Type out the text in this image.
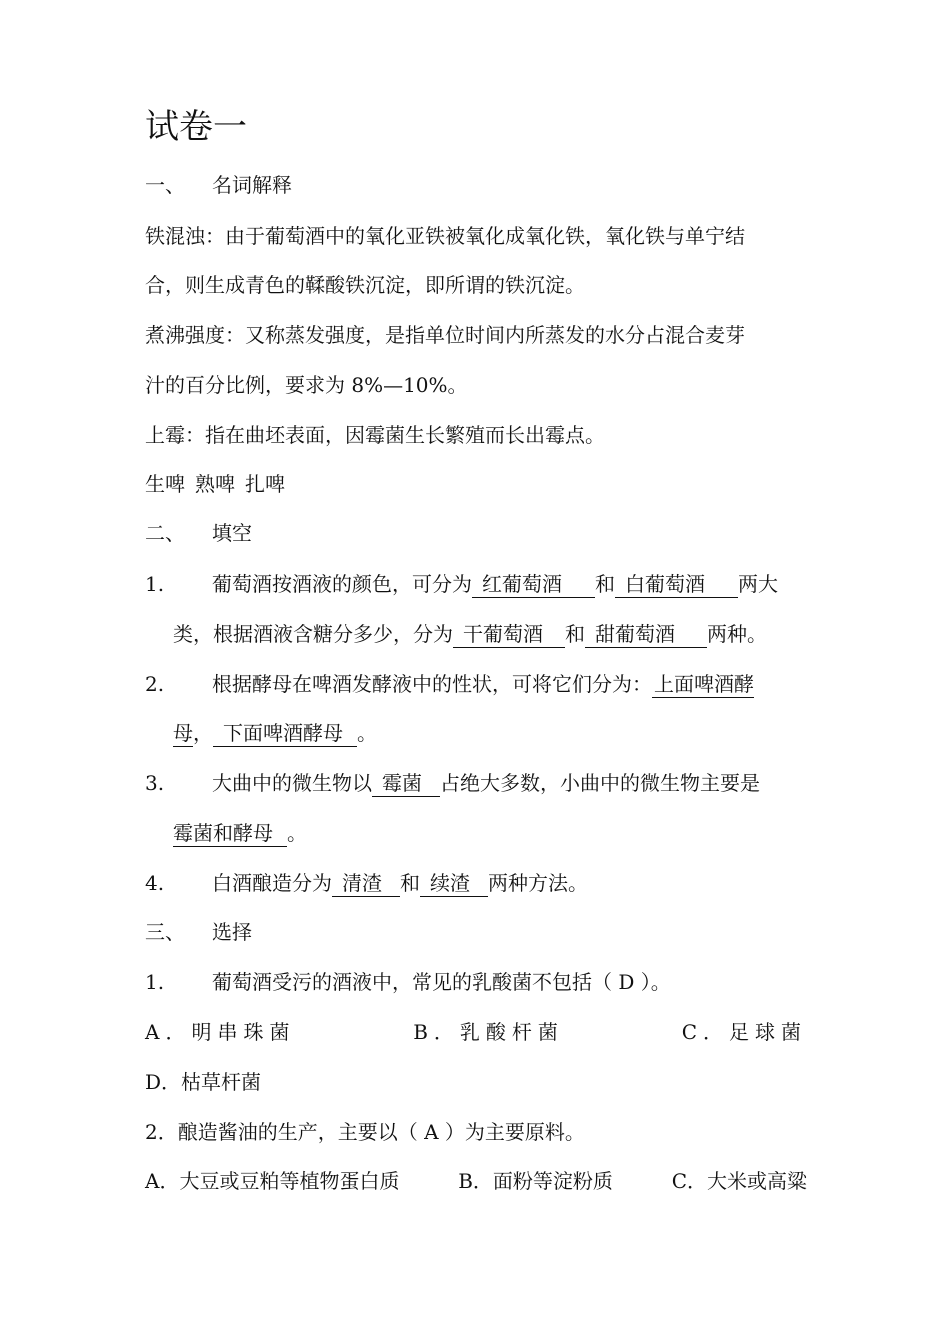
试卷一
一、 名词解释
铁混浊：由于葡萄酒中的氧化亚铁被氧化成氧化铁，氧化铁与单宁结
合，则生成青色的鞣酸铁沉淀，即所谓的铁沉淀。
煮沸强度：又称蒸发强度，是指单位时间内所蒸发的水分占混合麦芽
汁的百分比例，要求为 8%—10%。
上霉：指在曲坯表面，因霉菌生长繁殖而长出霉点。
生啤 熟啤 扎啤
二、 填空
1. 葡萄酒按酒液的颜色，可分为 红葡萄酒 和 白葡萄酒 两大
类，根据酒液含糖分多少，分为 干葡萄酒 和 甜葡萄酒 两种。
2. 根据酵母在啤酒发酵液中的性状，可将它们分为： 上面啤酒酵
母， 下面啤酒酵母 。
3. 大曲中的微生物以 霉菌 占绝大多数，小曲中的微生物主要是
霉菌和酵母 。
4. 白酒酿造分为 清渣 和 续渣 两种方法。
三、 选择
1. 葡萄酒受污的酒液中，常见的乳酸菌不包括（ D ）。
A．明串珠菌	B．乳酸杆菌	C．足球菌
D．枯草杆菌
2．酿造酱油的生产，主要以（ A ）为主要原料。
A．大豆或豆粕等植物蛋白质	B．面粉等淀粉质	C．大米或高粱
